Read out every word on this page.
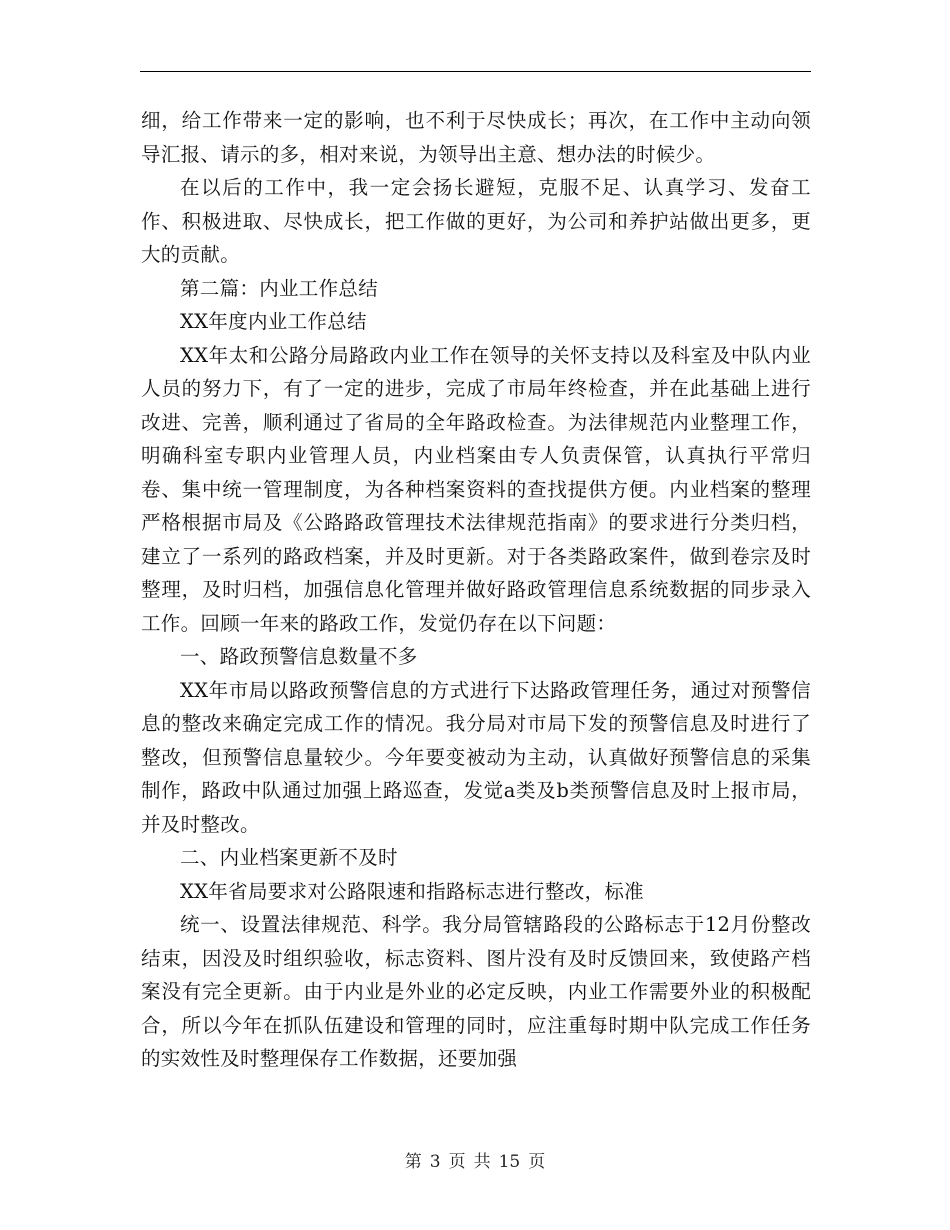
细，给工作带来一定的影响，也不利于尽快成长；再次，在工作中主动向领导汇报、请示的多，相对来说，为领导出主意、想办法的时候少。

在以后的工作中，我一定会扬长避短，克服不足、认真学习、发奋工作、积极进取、尽快成长，把工作做的更好，为公司和养护站做出更多，更大的贡献。

第二篇：内业工作总结

XX年度内业工作总结

XX年太和公路分局路政内业工作在领导的关怀支持以及科室及中队内业人员的努力下，有了一定的进步，完成了市局年终检查，并在此基础上进行改进、完善，顺利通过了省局的全年路政检查。为法律规范内业整理工作，明确科室专职内业管理人员，内业档案由专人负责保管，认真执行平常归卷、集中统一管理制度，为各种档案资料的查找提供方便。内业档案的整理严格根据市局及《公路路政管理技术法律规范指南》的要求进行分类归档，建立了一系列的路政档案，并及时更新。对于各类路政案件，做到卷宗及时整理，及时归档，加强信息化管理并做好路政管理信息系统数据的同步录入工作。回顾一年来的路政工作，发觉仍存在以下问题：

一、路政预警信息数量不多

XX年市局以路政预警信息的方式进行下达路政管理任务，通过对预警信息的整改来确定完成工作的情况。我分局对市局下发的预警信息及时进行了整改，但预警信息量较少。今年要变被动为主动，认真做好预警信息的采集制作，路政中队通过加强上路巡查，发觉a类及b类预警信息及时上报市局，并及时整改。

二、内业档案更新不及时

XX年省局要求对公路限速和指路标志进行整改，标准

统一、设置法律规范、科学。我分局管辖路段的公路标志于12月份整改结束，因没及时组织验收，标志资料、图片没有及时反馈回来，致使路产档案没有完全更新。由于内业是外业的必定反映，内业工作需要外业的积极配合，所以今年在抓队伍建设和管理的同时，应注重每时期中队完成工作任务的实效性及时整理保存工作数据，还要加强

第 3 页 共 15 页
